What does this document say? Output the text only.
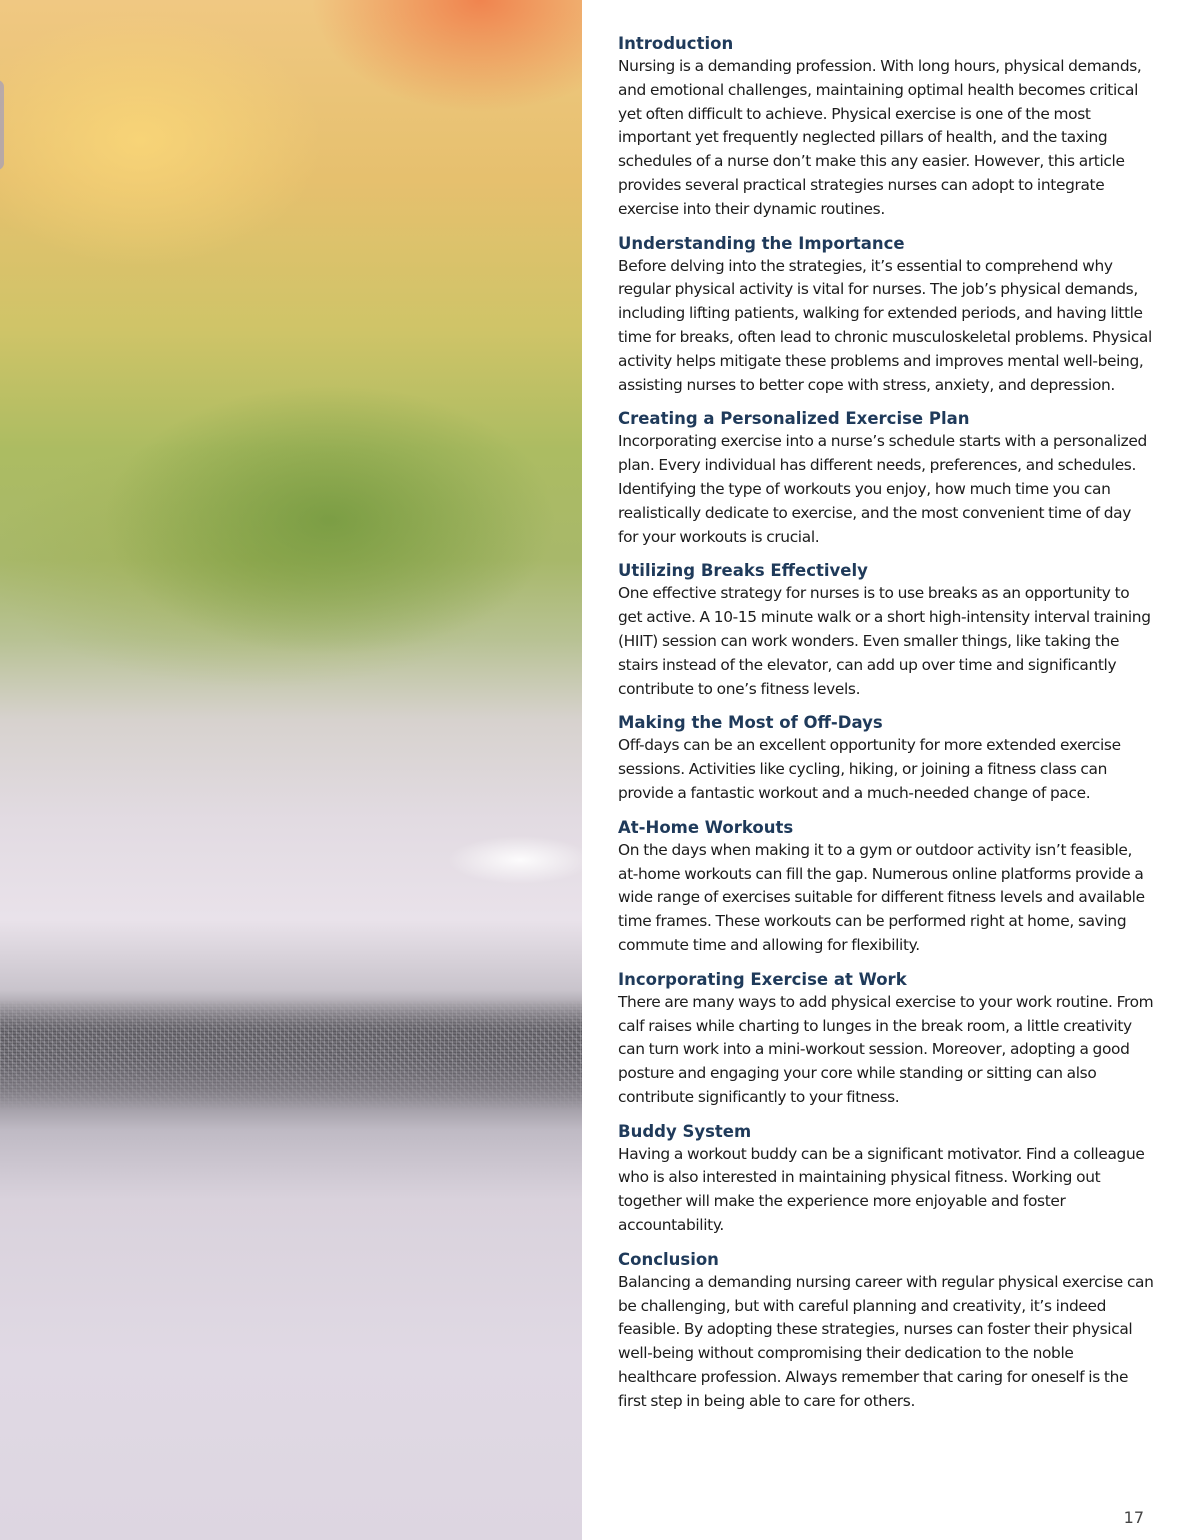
Introduction

Nursing is a demanding profession. With long hours, physical demands, and emotional challenges, maintaining optimal health becomes critical yet often difficult to achieve. Physical exercise is one of the most important yet frequently neglected pillars of health, and the taxing schedules of a nurse don’t make this any easier. However, this article provides several practical strategies nurses can adopt to integrate exercise into their dynamic routines.

Understanding the Importance

Before delving into the strategies, it’s essential to comprehend why regular physical activity is vital for nurses. The job’s physical demands, including lifting patients, walking for extended periods, and having little time for breaks, often lead to chronic musculoskeletal problems. Physical activity helps mitigate these problems and improves mental well-being, assisting nurses to better cope with stress, anxiety, and depression.

Creating a Personalized Exercise Plan

Incorporating exercise into a nurse’s schedule starts with a personalized plan. Every individual has different needs, preferences, and schedules. Identifying the type of workouts you enjoy, how much time you can realistically dedicate to exercise, and the most convenient time of day for your workouts is crucial.

Utilizing Breaks Effectively

One effective strategy for nurses is to use breaks as an opportunity to get active. A 10-15 minute walk or a short high-intensity interval training (HIIT) session can work wonders. Even smaller things, like taking the stairs instead of the elevator, can add up over time and significantly contribute to one’s fitness levels.

Making the Most of Off-Days

Off-days can be an excellent opportunity for more extended exercise sessions. Activities like cycling, hiking, or joining a fitness class can provide a fantastic workout and a much-needed change of pace.

At-Home Workouts

On the days when making it to a gym or outdoor activity isn’t feasible, at-home workouts can fill the gap. Numerous online platforms provide a wide range of exercises suitable for different fitness levels and available time frames. These workouts can be performed right at home, saving commute time and allowing for flexibility.

Incorporating Exercise at Work

There are many ways to add physical exercise to your work routine. From calf raises while charting to lunges in the break room, a little creativity can turn work into a mini-workout session. Moreover, adopting a good posture and engaging your core while standing or sitting can also contribute significantly to your fitness.

Buddy System

Having a workout buddy can be a significant motivator. Find a colleague who is also interested in maintaining physical fitness. Working out together will make the experience more enjoyable and foster accountability.

Conclusion

Balancing a demanding nursing career with regular physical exercise can be challenging, but with careful planning and creativity, it’s indeed feasible. By adopting these strategies, nurses can foster their physical well-being without compromising their dedication to the noble healthcare profession. Always remember that caring for oneself is the first step in being able to care for others.

17
